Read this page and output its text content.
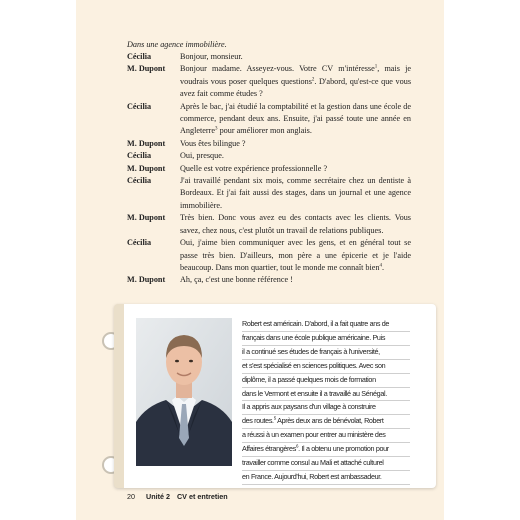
Dans une agence immobilière.
Cécilia	Bonjour, monsieur.
M. Dupont	Bonjour madame. Asseyez-vous. Votre CV m'intéresse$^1$, mais je voudrais vous poser quelques questions$^2$. D'abord, qu'est-ce que vous avez fait comme études ?
Cécilia	Après le bac, j'ai étudié la comptabilité et la gestion dans une école de commerce, pendant deux ans. Ensuite, j'ai passé toute une année en Angleterre$^3$ pour améliorer mon anglais.
M. Dupont	Vous êtes bilingue ?
Cécilia	Oui, presque.
M. Dupont	Quelle est votre expérience professionnelle ?
Cécilia	J'ai travaillé pendant six mois, comme secrétaire chez un dentiste à Bordeaux. Et j'ai fait aussi des stages, dans un journal et une agence immobilière.
M. Dupont	Très bien. Donc vous avez eu des contacts avec les clients. Vous savez, chez nous, c'est plutôt un travail de relations publiques.
Cécilia	Oui, j'aime bien communiquer avec les gens, et en général tout se passe très bien. D'ailleurs, mon père a une épicerie et je l'aide beaucoup. Dans mon quartier, tout le monde me connaît bien$^4$.
M. Dupont	Ah, ça, c'est une bonne référence !
Robert est américain. D'abord, il a fait quatre ans de
français dans une école publique américaine. Puis
il a continué ses études de français à l'université,
et s'est spécialisé en sciences politiques. Avec son
diplôme, il a passé quelques mois de formation
dans le Vermont et ensuite il a travaillé au Sénégal.
Il a appris aux paysans d'un village à construire
des routes.$^5$ Après deux ans de bénévolat, Robert
a réussi à un examen pour entrer au ministère des
Affaires étrangères$^6$. Il a obtenu une promotion pour
travailler comme consul au Mali et attaché culturel
en France. Aujourd'hui, Robert est ambassadeur.
20 Unité 2 CV et entretien
